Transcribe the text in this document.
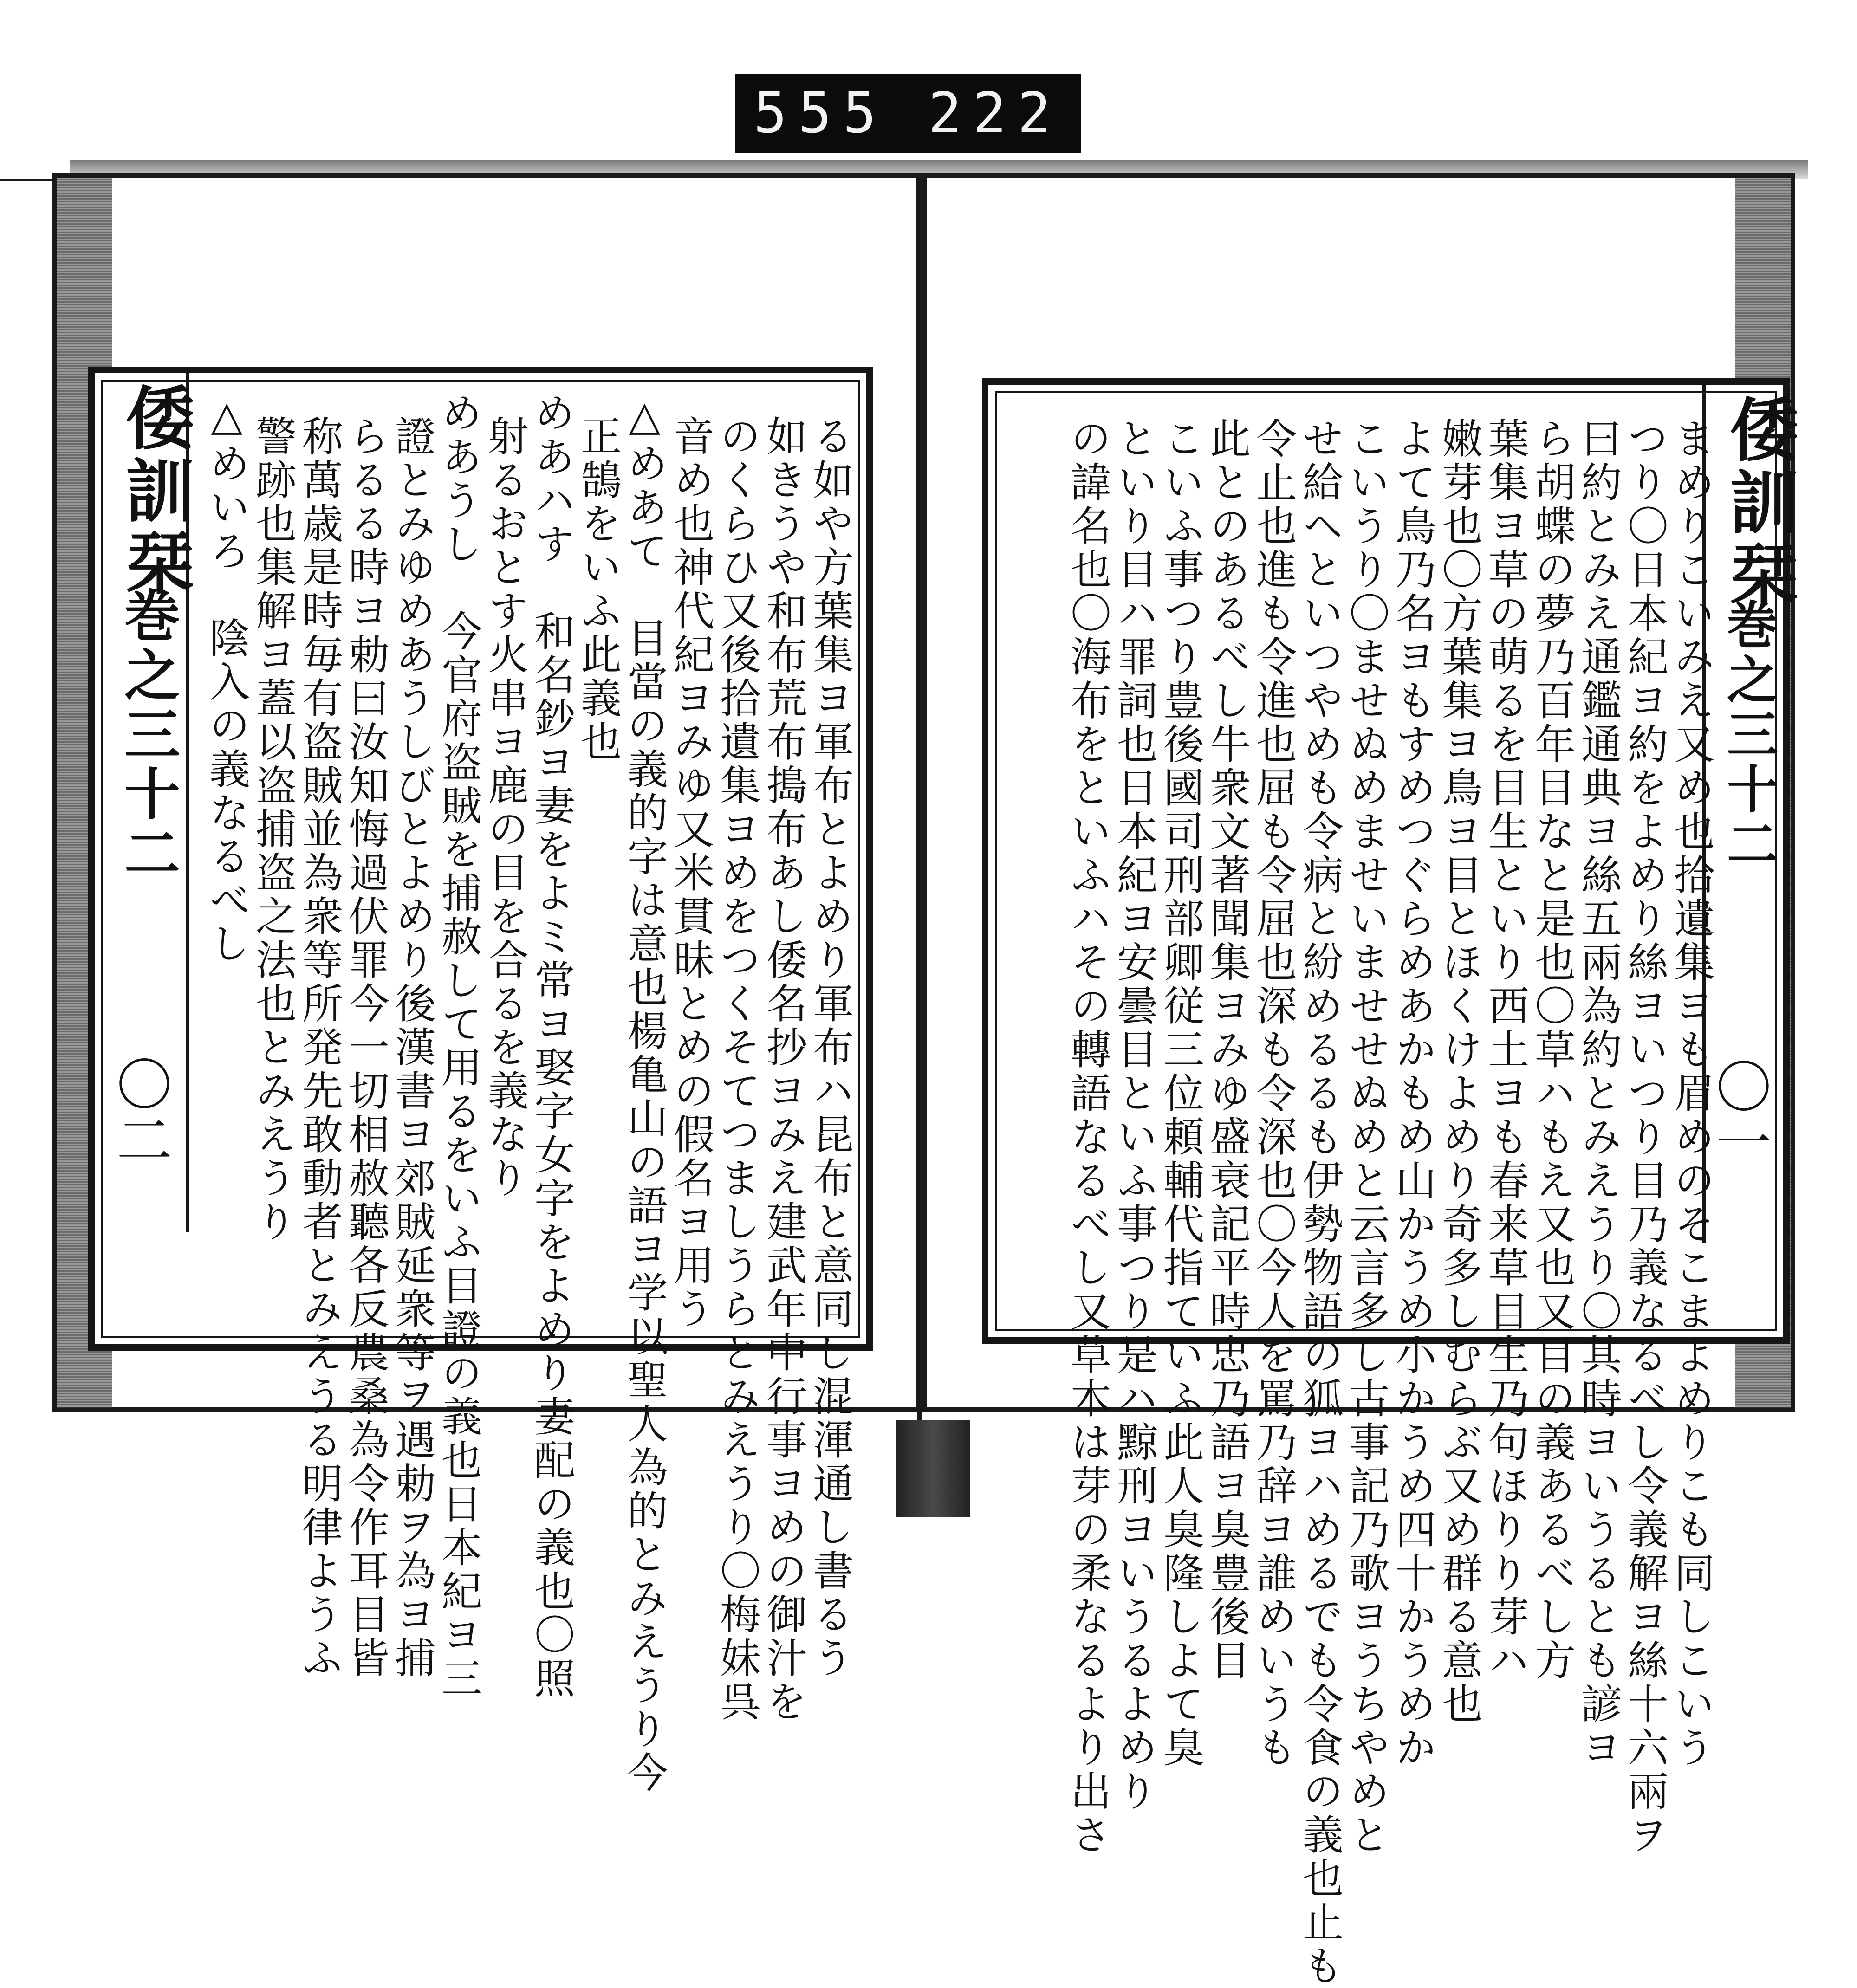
555 222
倭訓栞
巻之三十二
〇二	る如や方葉集ヨ軍布とよめり軍布ハ昆布と意同し混渾通し書るう
如きうや和布荒布搗布あし倭名抄ヨみえ建武年中行事ヨめの御汁を
のくらひ又後拾遺集ヨめをつくそてつましうらとみえうり〇梅妹呉
音め也神代紀ヨみゆ又米貫昧とめの假名ヨ用う
△めあて　目當の義的字は意也楊亀山の語ヨ学以聖人為的とみえうり今
正鵠をいふ此義也
めあハす　和名鈔ヨ妻をよミ常ヨ娶字女字をよめり妻配の義也〇照
射るおとす火串ヨ鹿の目を合るを義なり
めあうし　今官府盗賊を捕赦して用るをいふ目證の義也日本紀ヨ三
證とみゆめあうしびとよめり後漢書ヨ郊賊延衆等ヲ遇勅ヲ為ヨ捕
らるる時ヨ勅曰汝知悔過伏罪今一切相赦聽各反農桑為令作耳目皆
称萬歳是時毎有盗賊並為衆等所発先敢動者とみえうる明律ようふ
警跡也集解ヨ蓋以盗捕盗之法也とみえうり
△めいろ　陰入の義なるべし	倭訓栞
巻之三十二
〇一
まめりこいみえ又め也拾遺集ヨも眉めのそこまよめりこも同しこいう
つり〇日本紀ヨ約をよめり絲ヨいつり目乃義なるべし令義解ヨ絲十六兩ヲ
曰約とみえ通鑑通典ヨ絲五兩為約とみえうり〇其時ヨいうるとも諺ヨ
ら胡蝶の夢乃百年目なと是也〇草ハもえ又也又目の義あるべし方
葉集ヨ草の萌るを目生といり西土ヨも春来草目生乃句ほりり芽ハ
嫩芽也〇方葉集ヨ鳥ヨ目とほくけよめり奇多しむらぶ又め群る意也
よて鳥乃名ヨもすめつぐらめあかもめ山かうめ小かうめ四十かうめか
こいうり〇ませぬめませいませせぬめと云言多し古事記乃歌ヨうちやめと
せ給ヘといつやめも令病と紛めるるも伊勢物語の狐ヨハめるでも令食の義也止も
令止也進も令進也屈も令屈也深も令深也〇今人を罵乃辞ヨ誰めいうも
此とのあるべし牛衆文著聞集ヨみゆ盛衰記平時忠乃語ヨ臭豊後目
こいふ事つり豊後國司刑部卿従三位頼輔代指ていふ此人臭隆しよて臭
といり目ハ罪詞也日本紀ヨ安曇目といふ事つり是ハ黥刑ヨいうるよめり
の諱名也〇海布をといふハその轉語なるべし又草木は芽の柔なるより出さ
